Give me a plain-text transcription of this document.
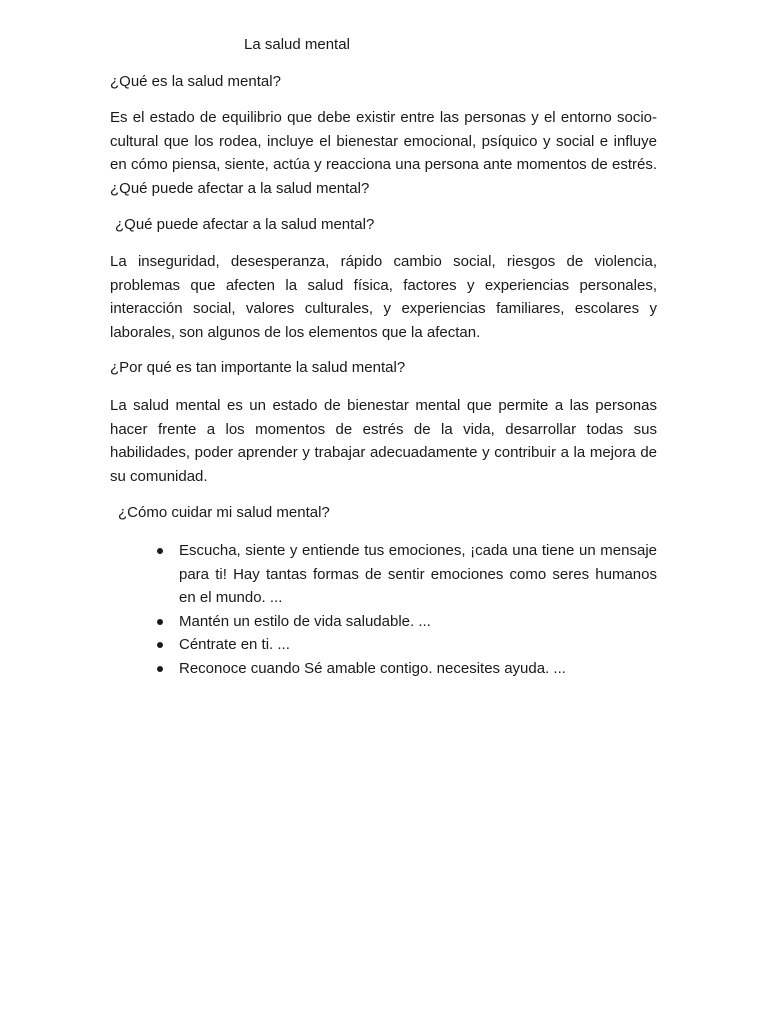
La salud mental
¿Qué es la salud mental?

Es el estado de equilibrio que debe existir entre las personas y el entorno socio-cultural que los rodea, incluye el bienestar emocional, psíquico y social e influye en cómo piensa, siente, actúa y reacciona una persona ante momentos de estrés. ¿Qué puede afectar a la salud mental?

¿Qué puede afectar a la salud mental?

La inseguridad, desesperanza, rápido cambio social, riesgos de violencia, problemas que afecten la salud física, factores y experiencias personales, interacción social, valores culturales, y experiencias familiares, escolares y laborales, son algunos de los elementos que la afectan.

¿Por qué es tan importante la salud mental?

La salud mental es un estado de bienestar mental que permite a las personas hacer frente a los momentos de estrés de la vida, desarrollar todas sus habilidades, poder aprender y trabajar adecuadamente y contribuir a la mejora de su comunidad.

¿Cómo cuidar mi salud mental?
Escucha, siente y entiende tus emociones, ¡cada una tiene un mensaje para ti! Hay tantas formas de sentir emociones como seres humanos en el mundo. ...
Mantén un estilo de vida saludable. ...
Céntrate en ti. ...
Reconoce cuando Sé amable contigo. necesites ayuda. ...
